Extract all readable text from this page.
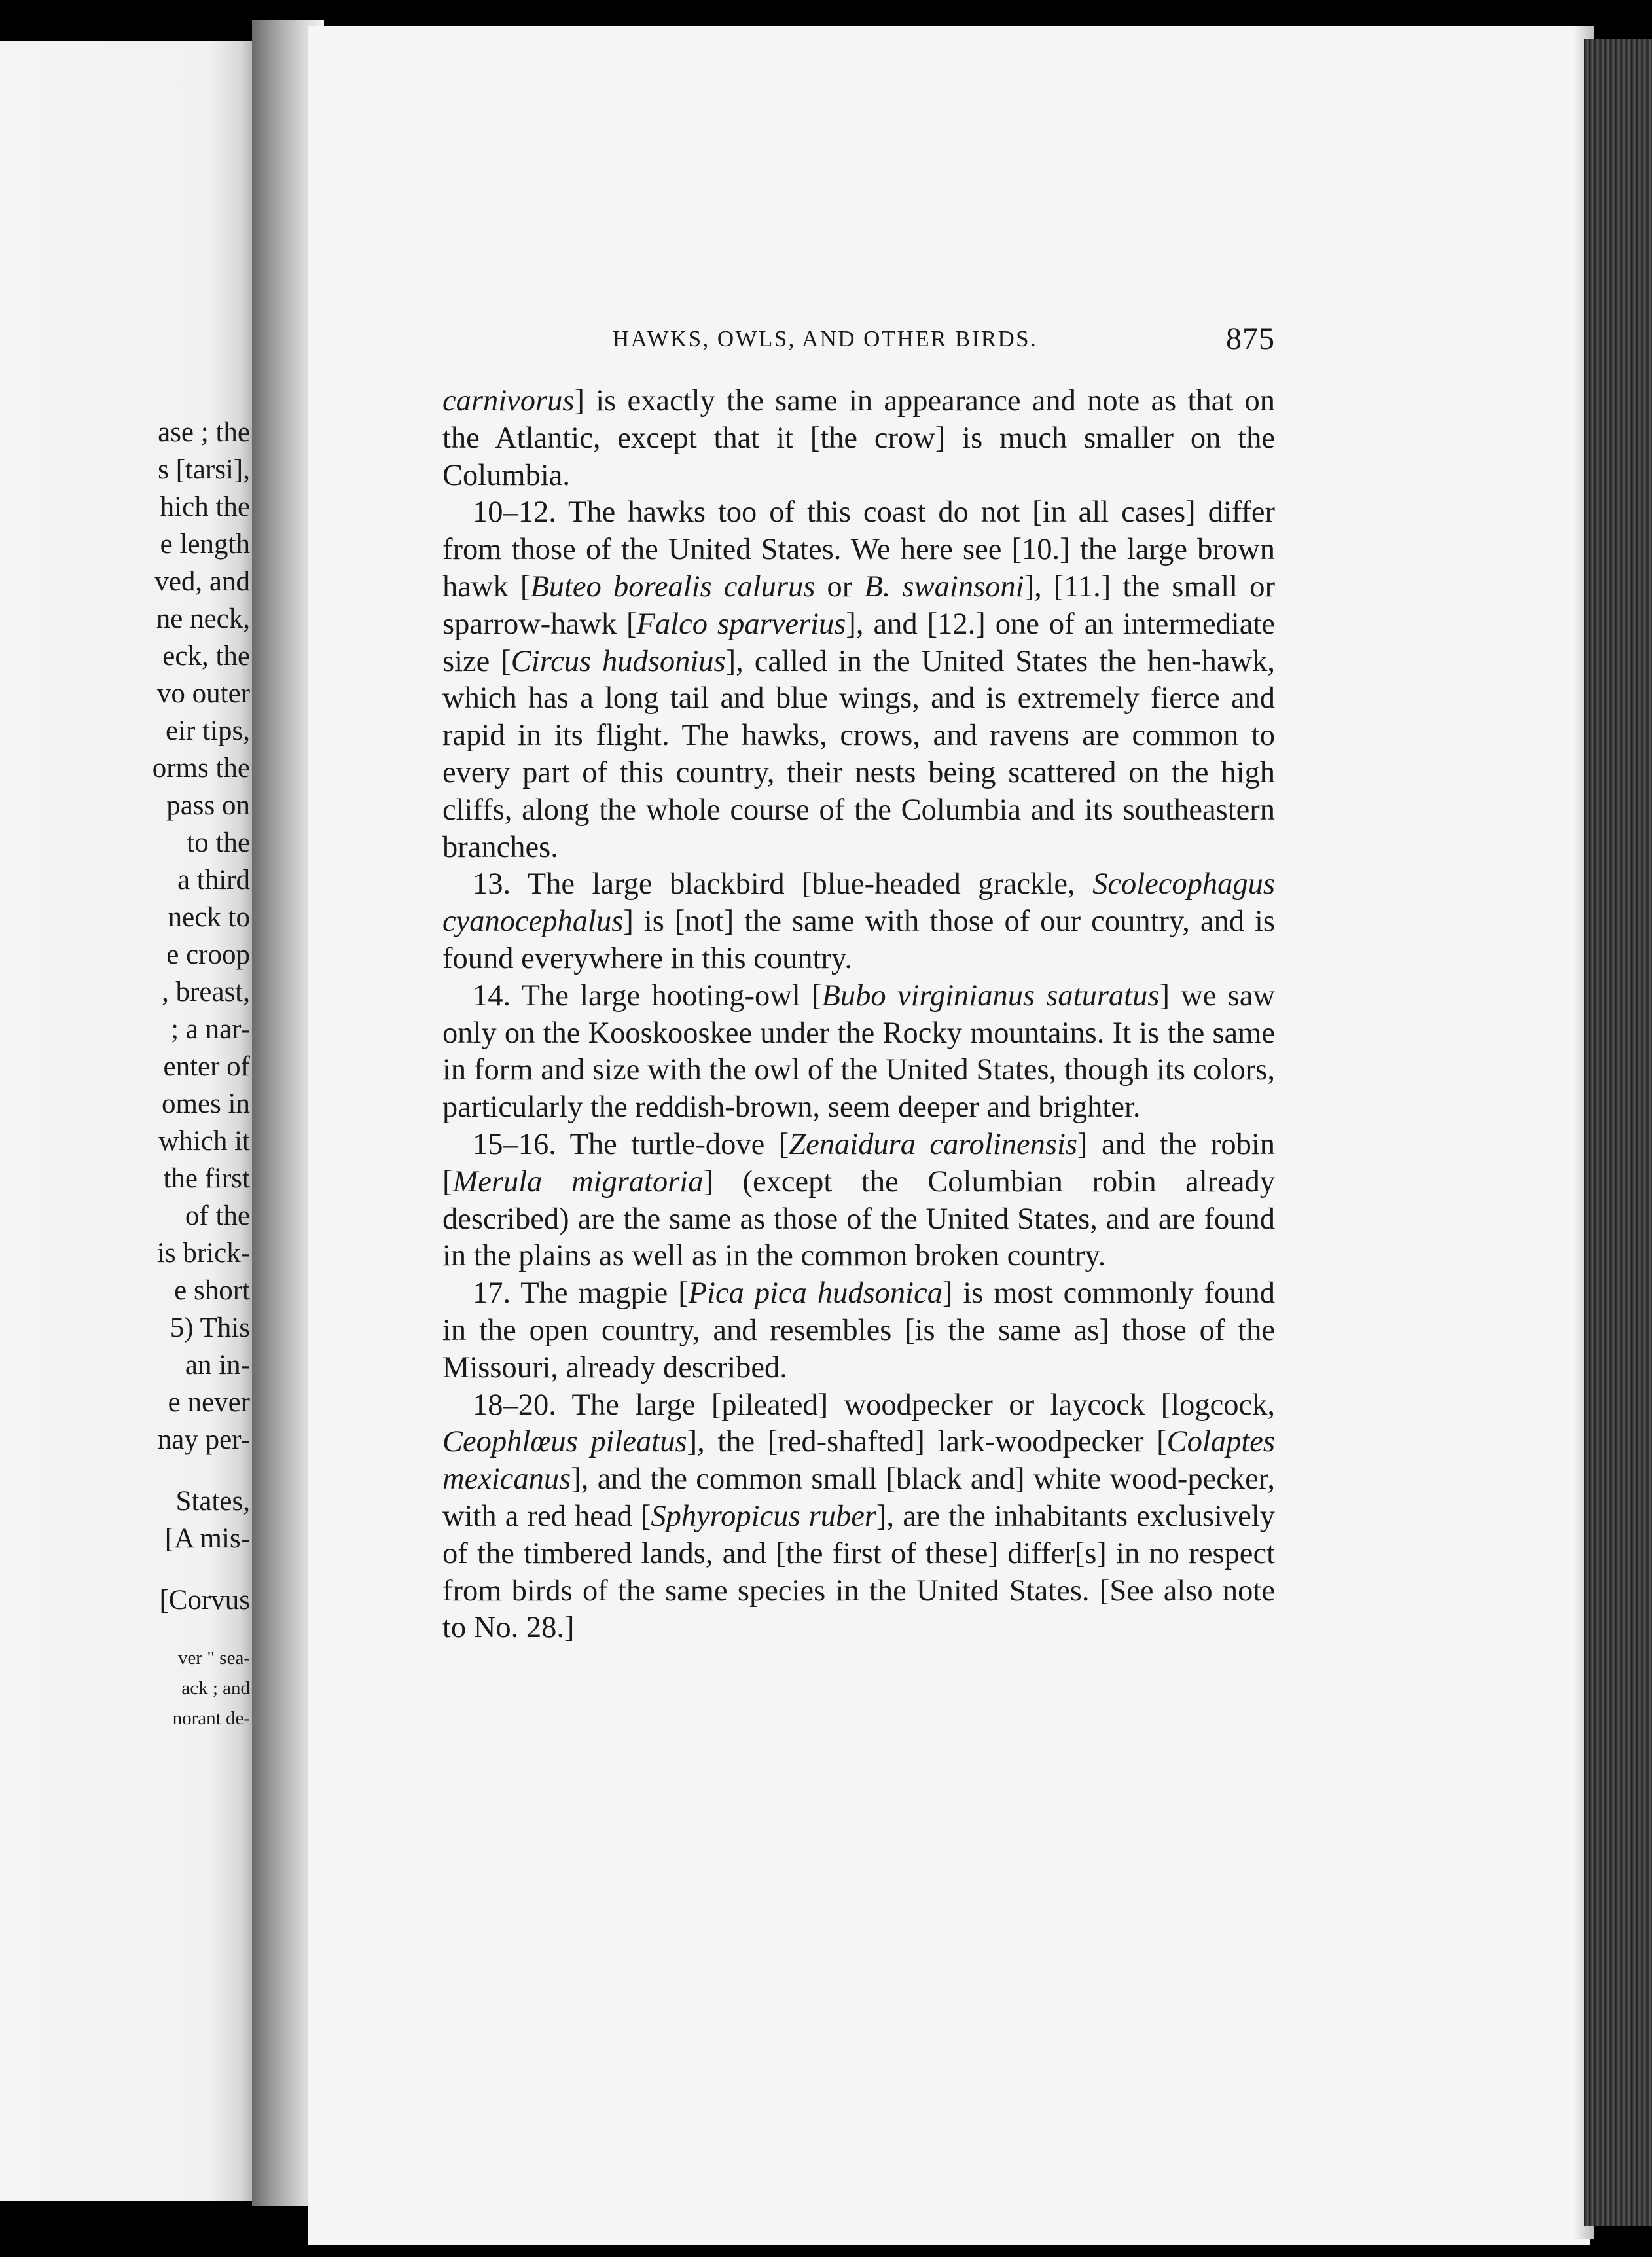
ase ; the
s [tarsi],
hich the
e length
ved, and
ne neck,
eck, the
vo outer
eir tips,
orms the
pass on
to the
a third
neck to
e croop
, breast,
; a nar-
enter of
omes in
which it
the first
of the
is brick-
e short
5) This
an in-
e never
nay per-
States,
[A mis-
[Corvus
ver " sea-
ack ; and
norant de-
HAWKS, OWLS, AND OTHER BIRDS.	875

carnivorus] is exactly the same in appearance and note as that on the Atlantic, except that it [the crow] is much smaller on the Columbia.

10–12. The hawks too of this coast do not [in all cases] differ from those of the United States. We here see [10.] the large brown hawk [Buteo borealis calurus or B. swainsoni], [11.] the small or sparrow-hawk [Falco sparverius], and [12.] one of an intermediate size [Circus hudsonius], called in the United States the hen-hawk, which has a long tail and blue wings, and is extremely fierce and rapid in its flight. The hawks, crows, and ravens are common to every part of this country, their nests being scattered on the high cliffs, along the whole course of the Columbia and its southeastern branches.

13. The large blackbird [blue-headed grackle, Scolecophagus cyanocephalus] is [not] the same with those of our country, and is found everywhere in this country.

14. The large hooting-owl [Bubo virginianus saturatus] we saw only on the Kooskooskee under the Rocky mountains. It is the same in form and size with the owl of the United States, though its colors, particularly the reddish-brown, seem deeper and brighter.

15–16. The turtle-dove [Zenaidura carolinensis] and the robin [Merula migratoria] (except the Columbian robin already described) are the same as those of the United States, and are found in the plains as well as in the common broken country.

17. The magpie [Pica pica hudsonica] is most commonly found in the open country, and resembles [is the same as] those of the Missouri, already described.

18–20. The large [pileated] woodpecker or laycock [logcock, Ceophlœus pileatus], the [red-shafted] lark-woodpecker [Colaptes mexicanus], and the common small [black and] white wood-pecker, with a red head [Sphyropicus ruber], are the inhabitants exclusively of the timbered lands, and [the first of these] differ[s] in no respect from birds of the same species in the United States. [See also note to No. 28.]
